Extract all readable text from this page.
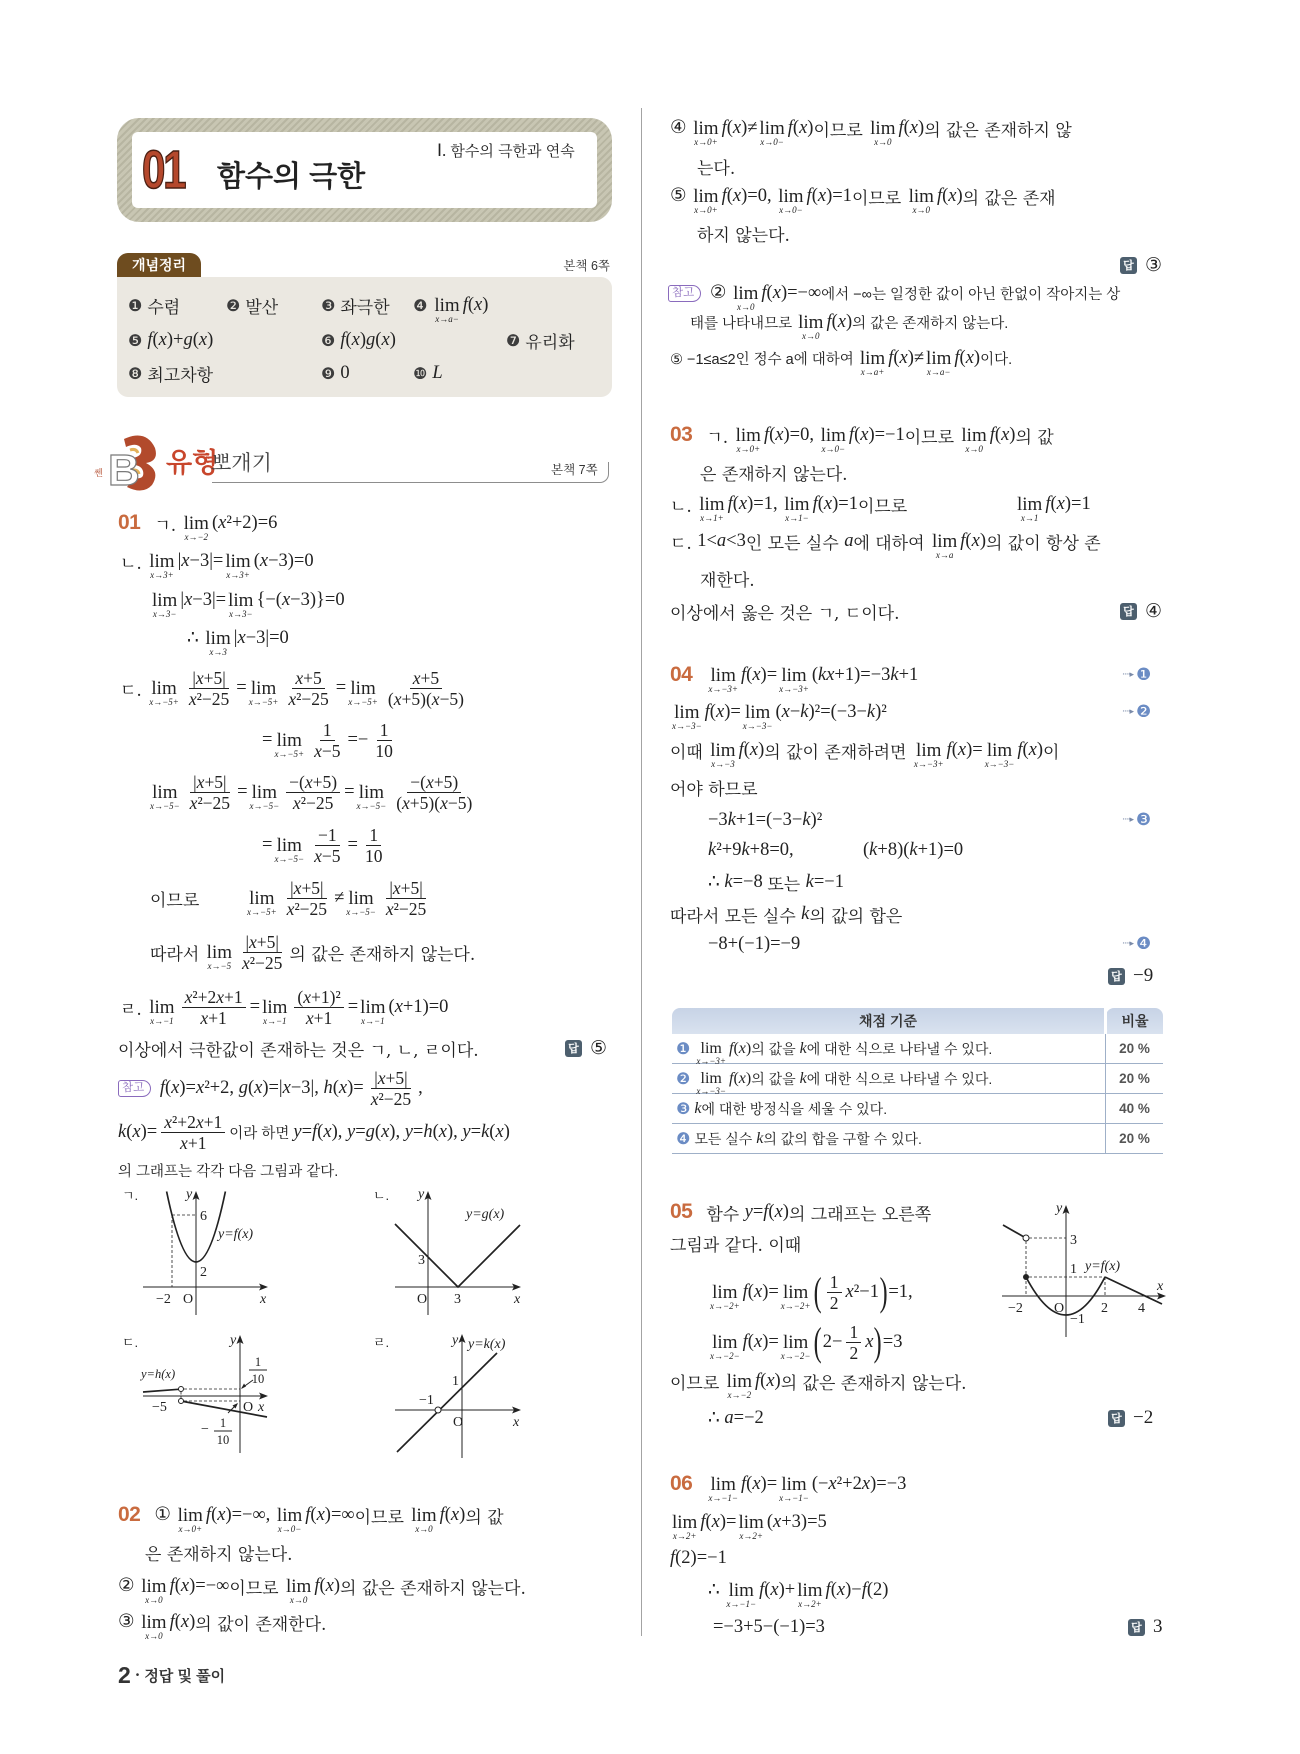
01 함수의 극한
Ⅰ. 함수의 극한과 연속
개념정리	본책 6쪽
❶ 수렴	❷ 발산	❸ 좌극한 ❹ lim
x→a−
f(x)
❺ f(x)+g(x)	❻ f(x)g(x)	❼ 유리화
❽ 최고차항	❾ 0	❿ L
B
쎈 유형
뽀개기	본책 7쪽
01 ㄱ. lim
x→−2
(x²+2)=6
ㄴ. lim
x→3+
|x−3|= lim
x→3+
(x−3)=0
lim
x→3−
|x−3|= lim
x→3−
{−(x−3)}=0
∴ lim
x→3
|x−3|=0
ㄷ. lim
$x\to-5+ \frac{|x+5|}{\text{x²−25}} = \lim$
$x\to-5+ \frac{x+5}{\text{x²−25}} = \lim$
$x\to-5+ \frac{x+5}{(x+5)(x-5)}$
= lim
$x\to-5+ \frac{1}{x-5} =- \frac{1}{10}$
lim
$x\to-5- \frac{|x+5|}{\text{x²−25}} = \lim$
$x\to-5- \frac{-(x+5)}{\text{x²−25}} = \lim$
$x\to-5- \frac{-(x+5)}{(x+5)(x-5)}$
= lim
$x\to-5- \frac{-1}{x-5} = \frac{1}{10}$
이므로	lim
$x\to-5+ \frac{|x+5|}{\text{x²−25}} \ne \lim$
$x\to-5- \frac{|x+5|}{\text{x²−25}}$
따라서 lim
$x\to-5 \frac{|x+5|}{\text{x²−25}}$ 의 값은 존재하지 않는다.
ㄹ. lim
$x\to-1 \frac{\text{x²+2x+1}}{x+1} = \lim$
$x\to-1 \frac{\text{(x+1)²}}{x+1} = \lim$
x→−1
(x+1)=0
이상에서 극한값이 존재하는 것은 ㄱ, ㄴ, ㄹ이다.	답 ⑤
참고 f(x)=x²+2, g(x)=|x−3|, $h(x)= \frac{|x+5|}{\text{x²−25}}$ ,
$k(x)= \frac{\text{x²+2x+1}}{x+1}$ 이라 하면 y=f(x), y=g(x), y=h(x), y=k(x)
의 그래프는 각각 다음 그림과 같다.
ㄱ.	y
6
y=f(x)
2
−2 O	x
ㄴ. y
y=g(x)
3
O 3	x
ㄷ.	y
1
10
y=h(x)
−5	O x
− 1
10
ㄹ.	y y=k(x)
1
−1
O	x
02 ① lim
x→0+
f(x)=−∞, lim
x→0−
f(x)=∞ 이므로 lim
x→0
f(x) 의 값
은 존재하지 않는다.
② lim
x→0
f(x)=−∞ 이므로 lim
x→0
f(x) 의 값은 존재하지 않는다.
③ lim
x→0
f(x) 의 값이 존재한다.
2 • 정답 및 풀이
④ lim
x→0+
f(x)≠ lim
x→0−
f(x) 이므로 lim
x→0
f(x) 의 값은 존재하지 않
는다.
⑤ lim
x→0+
f(x)=0, lim
x→0−
f(x)=1 이므로 lim
x→0
f(x) 의 값은 존재
하지 않는다.
답 ③
참고 ② lim
x→0
f(x)=−∞ 에서 −∞는 일정한 값이 아닌 한없이 작아지는 상
태를 나타내므로 lim
x→0
f(x) 의 값은 존재하지 않는다.
⑤ −1≤a≤2인 정수 a에 대하여 lim
x→a+
f(x)≠ lim
x→a−
f(x) 이다.
03 ㄱ. lim
x→0+
f(x)=0, lim
x→0−
f(x)=−1 이므로 lim
x→0
f(x) 의 값
은 존재하지 않는다.
ㄴ. lim
x→1+
f(x)=1, lim
x→1−
f(x)=1 이므로	lim
x→1
f(x)=1
ㄷ. 1<a<3 인 모든 실수 a 에 대하여 lim
x→a
f(x) 의 값이 항상 존
재한다.
이상에서 옳은 것은 ㄱ, ㄷ이다.	답 ④
04 lim
x→−3+
f(x)= lim
x→−3+
(kx+1)=−3k+1
lim
x→−3−
f(x)= lim
x→−3−
(x−k)²=(−3−k)²
이때 lim
x→−3
f(x) 의 값이 존재하려면 lim
x→−3+
f(x)= lim
x→−3−
f(x) 이
어야 하므로
−3k+1=(−3−k)²
k²+9k+8=0,	(k+8)(k+1)=0
∴ k=−8 또는 k=−1
따라서 모든 실수 k 의 값의 합은
−8+(−1)=−9
····▸ ❶
····▸ ❷
····▸ ❸
····▸ ❹
답 −9
채점 기준	비율

❶ lim
x→−3+
f(x) 의 값을 k 에 대한 식으로 나타낼 수 있다.	20 %

❷ lim
x→−3−
f(x) 의 값을 k 에 대한 식으로 나타낼 수 있다.	20 %

❸ k 에 대한 방정식을 세울 수 있다.	40 %

❹ 모든 실수 k 의 값의 합을 구할 수 있다.	20 %
05 함수 y=f(x) 의 그래프는 오른쪽
그림과 같다. 이때
lim
x→−2+
f(x)= lim
x→−2+ ( $\frac{1}{2} x^2-1$ ) =1,
lim
x→−2−
f(x)= lim
x→−2− ( $2- \frac{1}{2}$ x ) =3
이므로 lim
x→−2
f(x) 의 값은 존재하지 않는다.
∴ a=−2	답 −2
y
3
1 y=f(x)
x
−2 O	2 4
−1
06 lim
x→−1−
f(x)= lim
x→−1−
(−x²+2x)=−3
lim
x→2+
f(x)= lim
x→2+
(x+3)=5
f(2)=−1
∴ lim
x→−1−
f(x)+ lim
x→2+
f(x)−f(2)
=−3+5−(−1)=3	답 3
